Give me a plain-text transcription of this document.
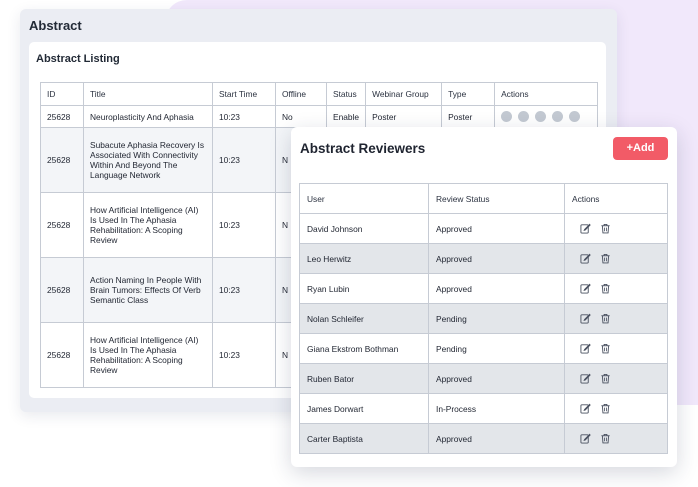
Abstract
Abstract Listing
ID	Title	Start Time	Offline	Status	Webinar Group	Type	Actions
25628	Neuroplasticity And Aphasia	10:23	No	Enable	Poster	Poster	

25628	Subacute Aphasia Recovery Is Associated With Connectivity Within And Beyond The Language Network	10:23	N				
25628	How Artificial Intelligence (AI) Is Used In The Aphasia Rehabilitation: A Scoping Review	10:23	N				
25628	Action Naming In People With Brain Tumors: Effects Of Verb Semantic Class	10:23	N				
25628	How Artificial Intelligence (AI) Is Used In The Aphasia Rehabilitation: A Scoping Review	10:23	N				
Abstract Reviewers	+Add
User	Review Status	Actions
David Johnson	Approved	

Leo Herwitz	Approved	

Ryan Lubin	Approved	

Nolan Schleifer	Pending	

Giana Ekstrom Bothman	Pending	

Ruben Bator	Approved	

James Dorwart	In-Process	

Carter Baptista	Approved	
